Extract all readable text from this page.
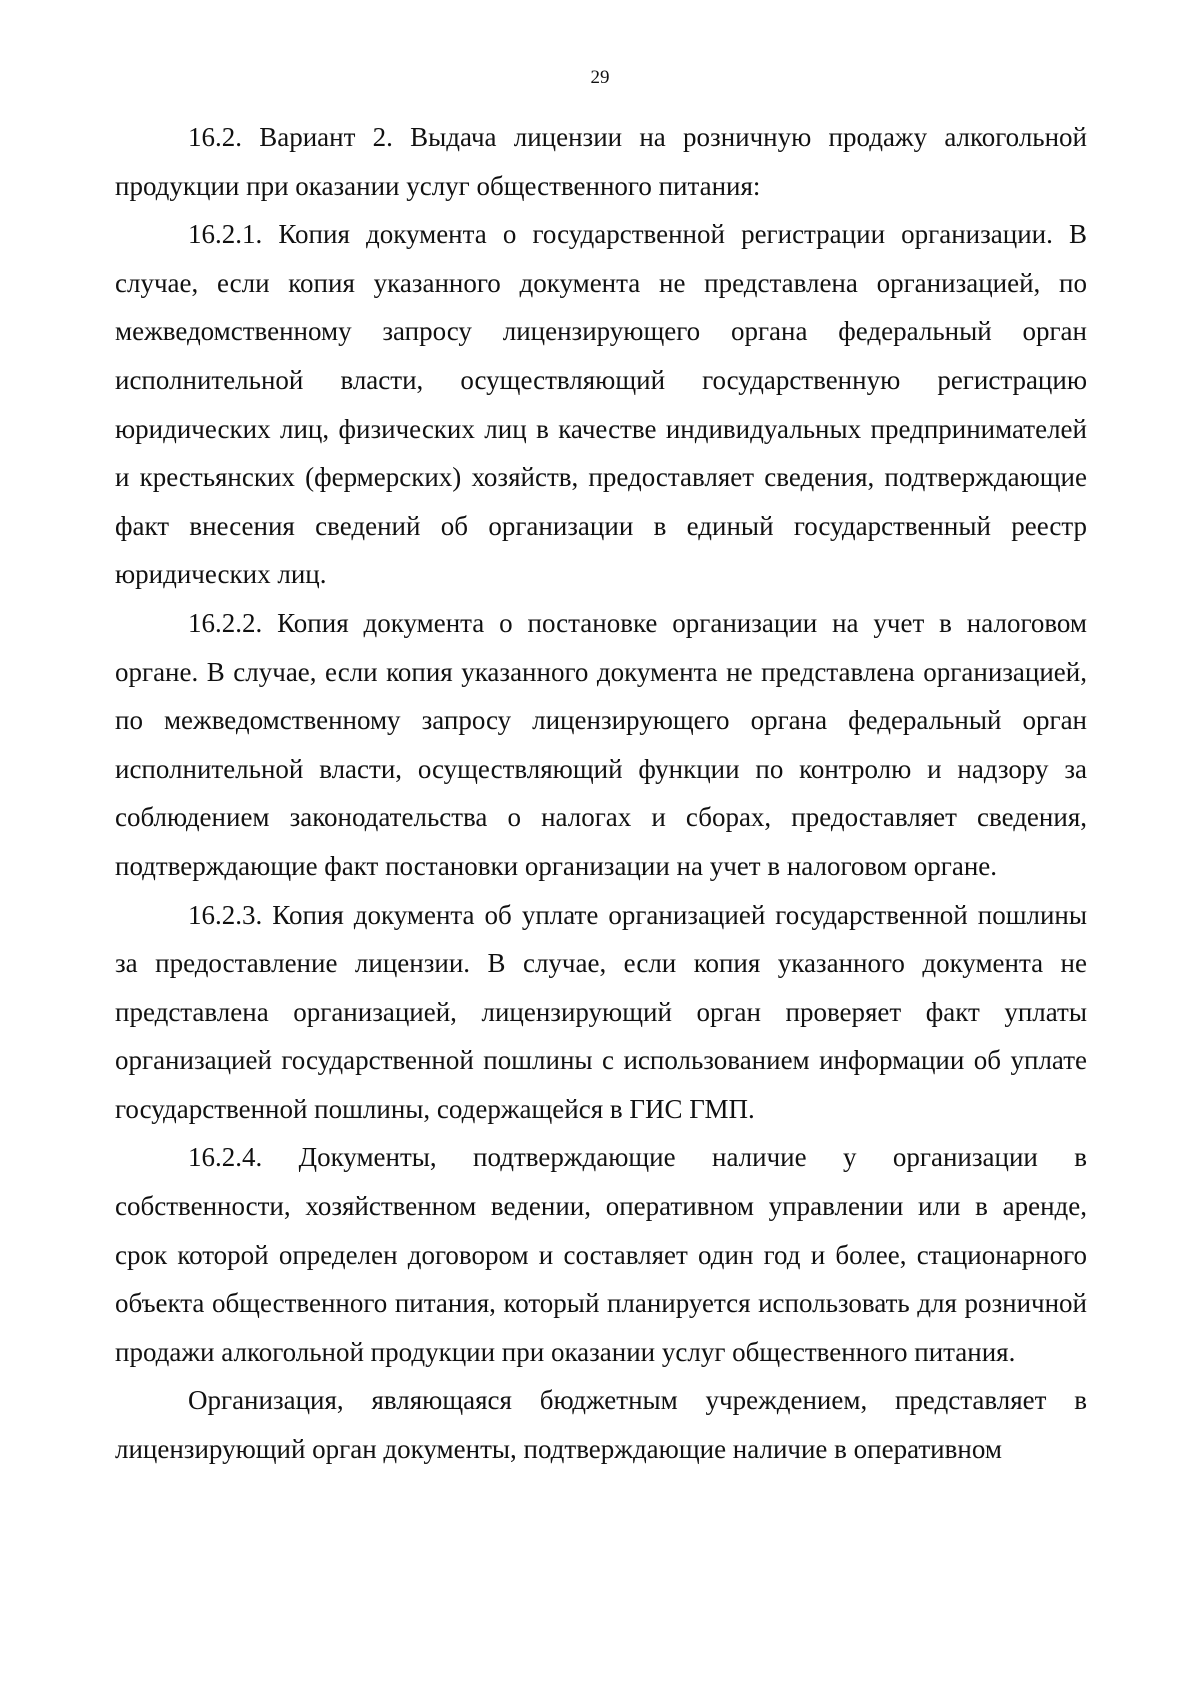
29

16.2. Вариант 2. Выдача лицензии на розничную продажу алкогольной продукции при оказании услуг общественного питания:

16.2.1. Копия документа о государственной регистрации организации. В случае, если копия указанного документа не представлена организацией, по межведомственному запросу лицензирующего органа федеральный орган исполнительной власти, осуществляющий государственную регистрацию юридических лиц, физических лиц в качестве индивидуальных предпринимателей и крестьянских (фермерских) хозяйств, предоставляет сведения, подтверждающие факт внесения сведений об организации в единый государственный реестр юридических лиц.

16.2.2. Копия документа о постановке организации на учет в налоговом органе. В случае, если копия указанного документа не представлена организацией, по межведомственному запросу лицензирующего органа федеральный орган исполнительной власти, осуществляющий функции по контролю и надзору за соблюдением законодательства о налогах и сборах, предоставляет сведения, подтверждающие факт постановки организации на учет в налоговом органе.

16.2.3. Копия документа об уплате организацией государственной пошлины за предоставление лицензии. В случае, если копия указанного документа не представлена организацией, лицензирующий орган проверяет факт уплаты организацией государственной пошлины с использованием информации об уплате государственной пошлины, содержащейся в ГИС ГМП.

16.2.4. Документы, подтверждающие наличие у организации в собственности, хозяйственном ведении, оперативном управлении или в аренде, срок которой определен договором и составляет один год и более, стационарного объекта общественного питания, который планируется использовать для розничной продажи алкогольной продукции при оказании услуг общественного питания.

Организация, являющаяся бюджетным учреждением, представляет в лицензирующий орган документы, подтверждающие наличие в оперативном
